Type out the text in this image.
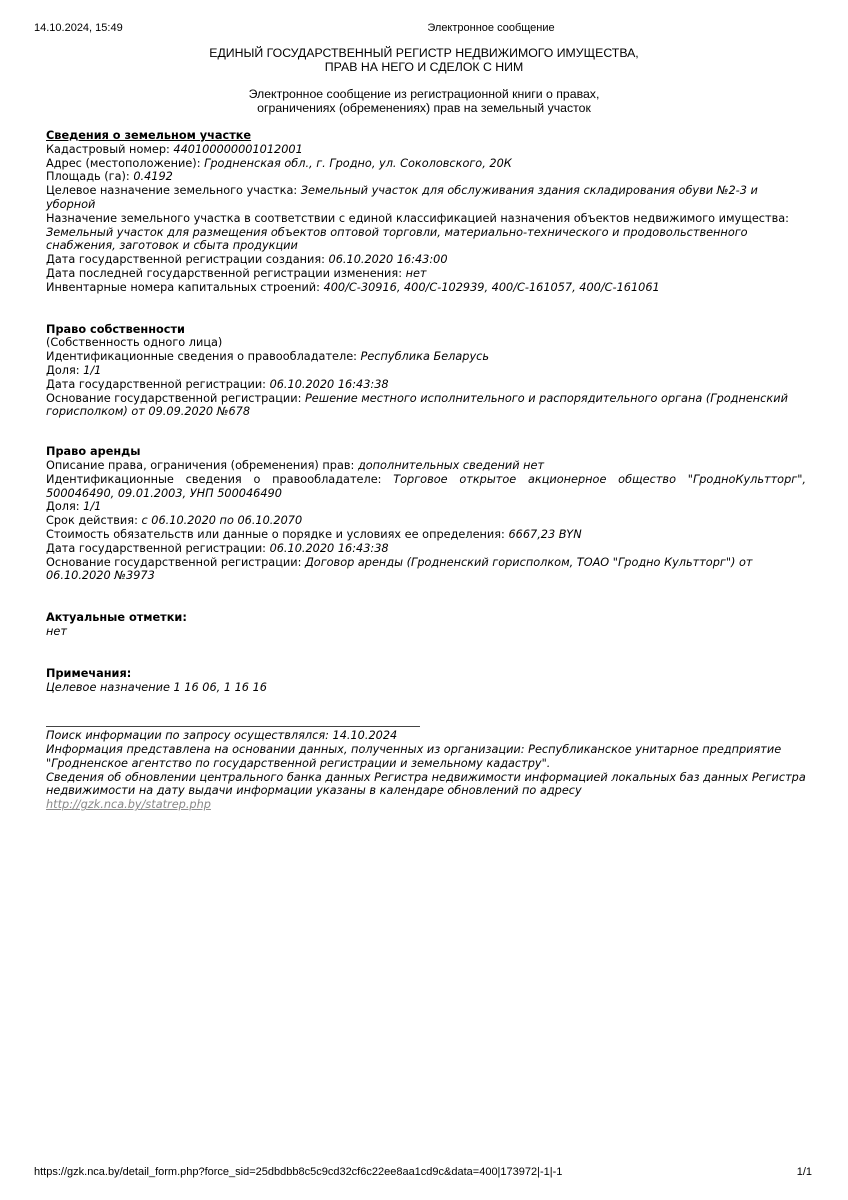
14.10.2024, 15:49	Электронное сообщение
ЕДИНЫЙ ГОСУДАРСТВЕННЫЙ РЕГИСТР НЕДВИЖИМОГО ИМУЩЕСТВА,
ПРАВ НА НЕГО И СДЕЛОК С НИМ
Электронное сообщение из регистрационной книги о правах,
ограничениях (обременениях) прав на земельный участок
Сведения о земельном участке
Кадастровый номер: 440100000001012001
Адрес (местоположение): Гродненская обл., г. Гродно, ул. Соколовского, 20К
Площадь (га): 0.4192
Целевое назначение земельного участка: Земельный участок для обслуживания здания складирования обуви №2-3 и уборной
Назначение земельного участка в соответствии с единой классификацией назначения объектов недвижимого имущества: Земельный участок для размещения объектов оптовой торговли, материально-технического и продовольственного снабжения, заготовок и сбыта продукции
Дата государственной регистрации создания: 06.10.2020 16:43:00
Дата последней государственной регистрации изменения: нет
Инвентарные номера капитальных строений: 400/С-30916, 400/С-102939, 400/С-161057, 400/С-161061
Право собственности
(Собственность одного лица)
Идентификационные сведения о правообладателе: Республика Беларусь
Доля: 1/1
Дата государственной регистрации: 06.10.2020 16:43:38
Основание государственной регистрации: Решение местного исполнительного и распорядительного органа (Гродненский горисполком) от 09.09.2020 №678
Право аренды
Описание права, ограничения (обременения) прав: дополнительных сведений нет
Идентификационные сведения о правообладателе: Торговое открытое акционерное общество "ГродноКультторг", 500046490, 09.01.2003, УНП 500046490
Доля: 1/1
Срок действия: с 06.10.2020 по 06.10.2070
Стоимость обязательств или данные о порядке и условиях ее определения: 6667,23 BYN
Дата государственной регистрации: 06.10.2020 16:43:38
Основание государственной регистрации: Договор аренды (Гродненский горисполком, ТОАО "Гродно Культторг") от 06.10.2020 №3973
Актуальные отметки:
нет
Примечания:
Целевое назначение 1 16 06, 1 16 16
Поиск информации по запросу осуществлялся: 14.10.2024
Информация представлена на основании данных, полученных из организации: Республиканское унитарное предприятие "Гродненское агентство по государственной регистрации и земельному кадастру".
Сведения об обновлении центрального банка данных Регистра недвижимости информацией локальных баз данных Регистра недвижимости на дату выдачи информации указаны в календаре обновлений по адресу
http://gzk.nca.by/statrep.php
https://gzk.nca.by/detail_form.php?force_sid=25dbdbb8c5c9cd32cf6c22ee8aa1cd9c&data=400|173972|-1|-1	1/1
